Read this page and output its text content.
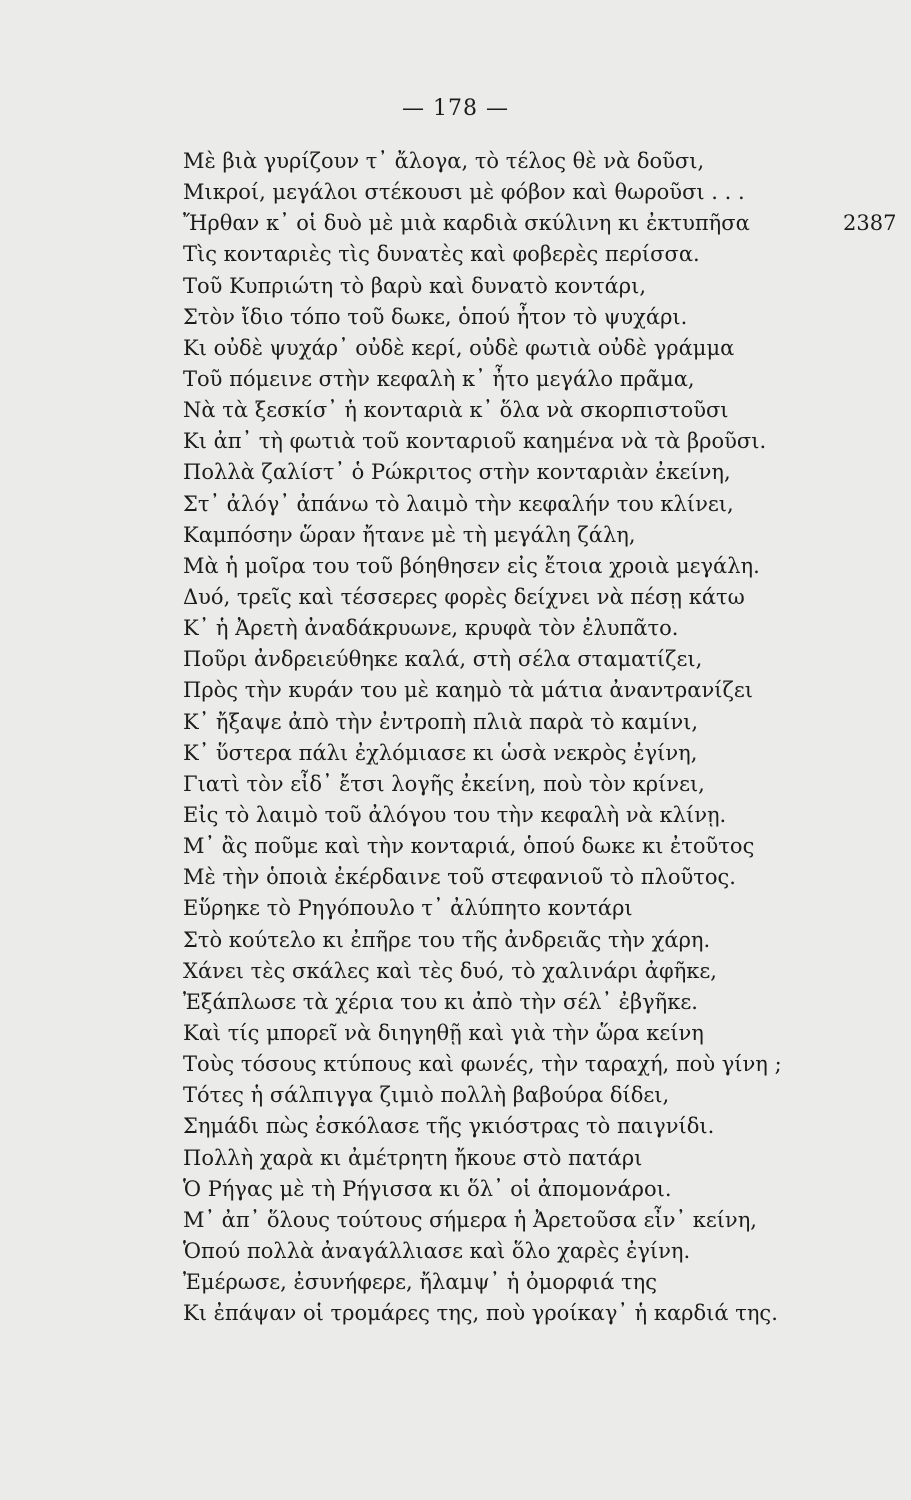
— 178 —
Μὲ βιὰ γυρίζουν τ᾽ ἄλογα, τὸ τέλος θὲ νὰ δοῦσι,
Μικροί, μεγάλοι στέκουσι μὲ φόβον καὶ θωροῦσι . . .
Ἤρθαν κ᾽ οἱ δυὸ μὲ μιὰ καρδιὰ σκύλινη κι ἐκτυπῆσα	2387
Τὶς κονταριὲς τὶς δυνατὲς καὶ φοβερὲς περίσσα.
Τοῦ Κυπριώτη τὸ βαρὺ καὶ δυνατὸ κοντάρι,
Στὸν ἴδιο τόπο τοῦ δωκε, ὁπού ἦτον τὸ ψυχάρι.
Κι οὐδὲ ψυχάρ᾽ οὐδὲ κερί, οὐδὲ φωτιὰ οὐδὲ γράμμα
Τοῦ πόμεινε στὴν κεφαλὴ κ᾽ ἦτο μεγάλο πρᾶμα,
Νὰ τὰ ξεσκίσ᾽ ἡ κονταριὰ κ᾽ ὅλα νὰ σκορπιστοῦσι
Κι ἀπ᾽ τὴ φωτιὰ τοῦ κονταριοῦ καημένα νὰ τὰ βροῦσι.
Πολλὰ ζαλίστ᾽ ὁ Ρώκριτος στὴν κονταριὰν ἐκείνη,
Στ᾽ ἀλόγ᾽ ἀπάνω τὸ λαιμὸ τὴν κεφαλήν του κλίνει,
Καμπόσην ὥραν ἤτανε μὲ τὴ μεγάλη ζάλη,
Μὰ ἡ μοῖρα του τοῦ βόηθησεν εἰς ἔτοια χροιὰ μεγάλη.
Δυό, τρεῖς καὶ τέσσερες φορὲς δείχνει νὰ πέσῃ κάτω
Κ᾽ ἡ Ἀρετὴ ἀναδάκρυωνε, κρυφὰ τὸν ἐλυπᾶτο.
Ποῦρι ἀνδρειεύθηκε καλά, στὴ σέλα σταματίζει,
Πρὸς τὴν κυράν του μὲ καημὸ τὰ μάτια ἀναντρανίζει
Κ᾽ ἤξαψε ἀπὸ τὴν ἐντροπὴ πλιὰ παρὰ τὸ καμίνι,
Κ᾽ ὕστερα πάλι ἐχλόμιασε κι ὡσὰ νεκρὸς ἐγίνη,
Γιατὶ τὸν εἶδ᾽ ἔτσι λογῆς ἐκείνη, ποὺ τὸν κρίνει,
Εἰς τὸ λαιμὸ τοῦ ἀλόγου του τὴν κεφαλὴ νὰ κλίνῃ.
Μ᾽ ἂς ποῦμε καὶ τὴν κονταριά, ὁπού δωκε κι ἐτοῦτος
Μὲ τὴν ὁποιὰ ἐκέρδαινε τοῦ στεφανιοῦ τὸ πλοῦτος.
Εὕρηκε τὸ Ρηγόπουλο τ᾽ ἀλύπητο κοντάρι
Στὸ κούτελο κι ἐπῆρε του τῆς ἀνδρειᾶς τὴν χάρη.
Χάνει τὲς σκάλες καὶ τὲς δυό, τὸ χαλινάρι ἀφῆκε,
Ἐξάπλωσε τὰ χέρια του κι ἀπὸ τὴν σέλ᾽ ἐβγῆκε.
Καὶ τίς μπορεῖ νὰ διηγηθῇ καὶ γιὰ τὴν ὥρα κείνη
Τοὺς τόσους κτύπους καὶ φωνές, τὴν ταραχή, ποὺ γίνη ;
Τότες ἡ σάλπιγγα ζιμιὸ πολλὴ βαβούρα δίδει,
Σημάδι πὼς ἐσκόλασε τῆς γκιόστρας τὸ παιγνίδι.
Πολλὴ χαρὰ κι ἀμέτρητη ἤκουε στὸ πατάρι
Ὁ Ρήγας μὲ τὴ Ρήγισσα κι ὅλ᾽ οἱ ἀπομονάροι.
Μ᾽ ἀπ᾽ ὅλους τούτους σήμερα ἡ Ἀρετοῦσα εἶν᾽ κείνη,
Ὁπού πολλὰ ἀναγάλλιασε καὶ ὅλο χαρὲς ἐγίνη.
Ἐμέρωσε, ἐσυνήφερε, ἤλαμψ᾽ ἡ ὀμορφιά της
Κι ἐπάψαν οἱ τρομάρες της, ποὺ γροίκαγ᾽ ἡ καρδιά της.
